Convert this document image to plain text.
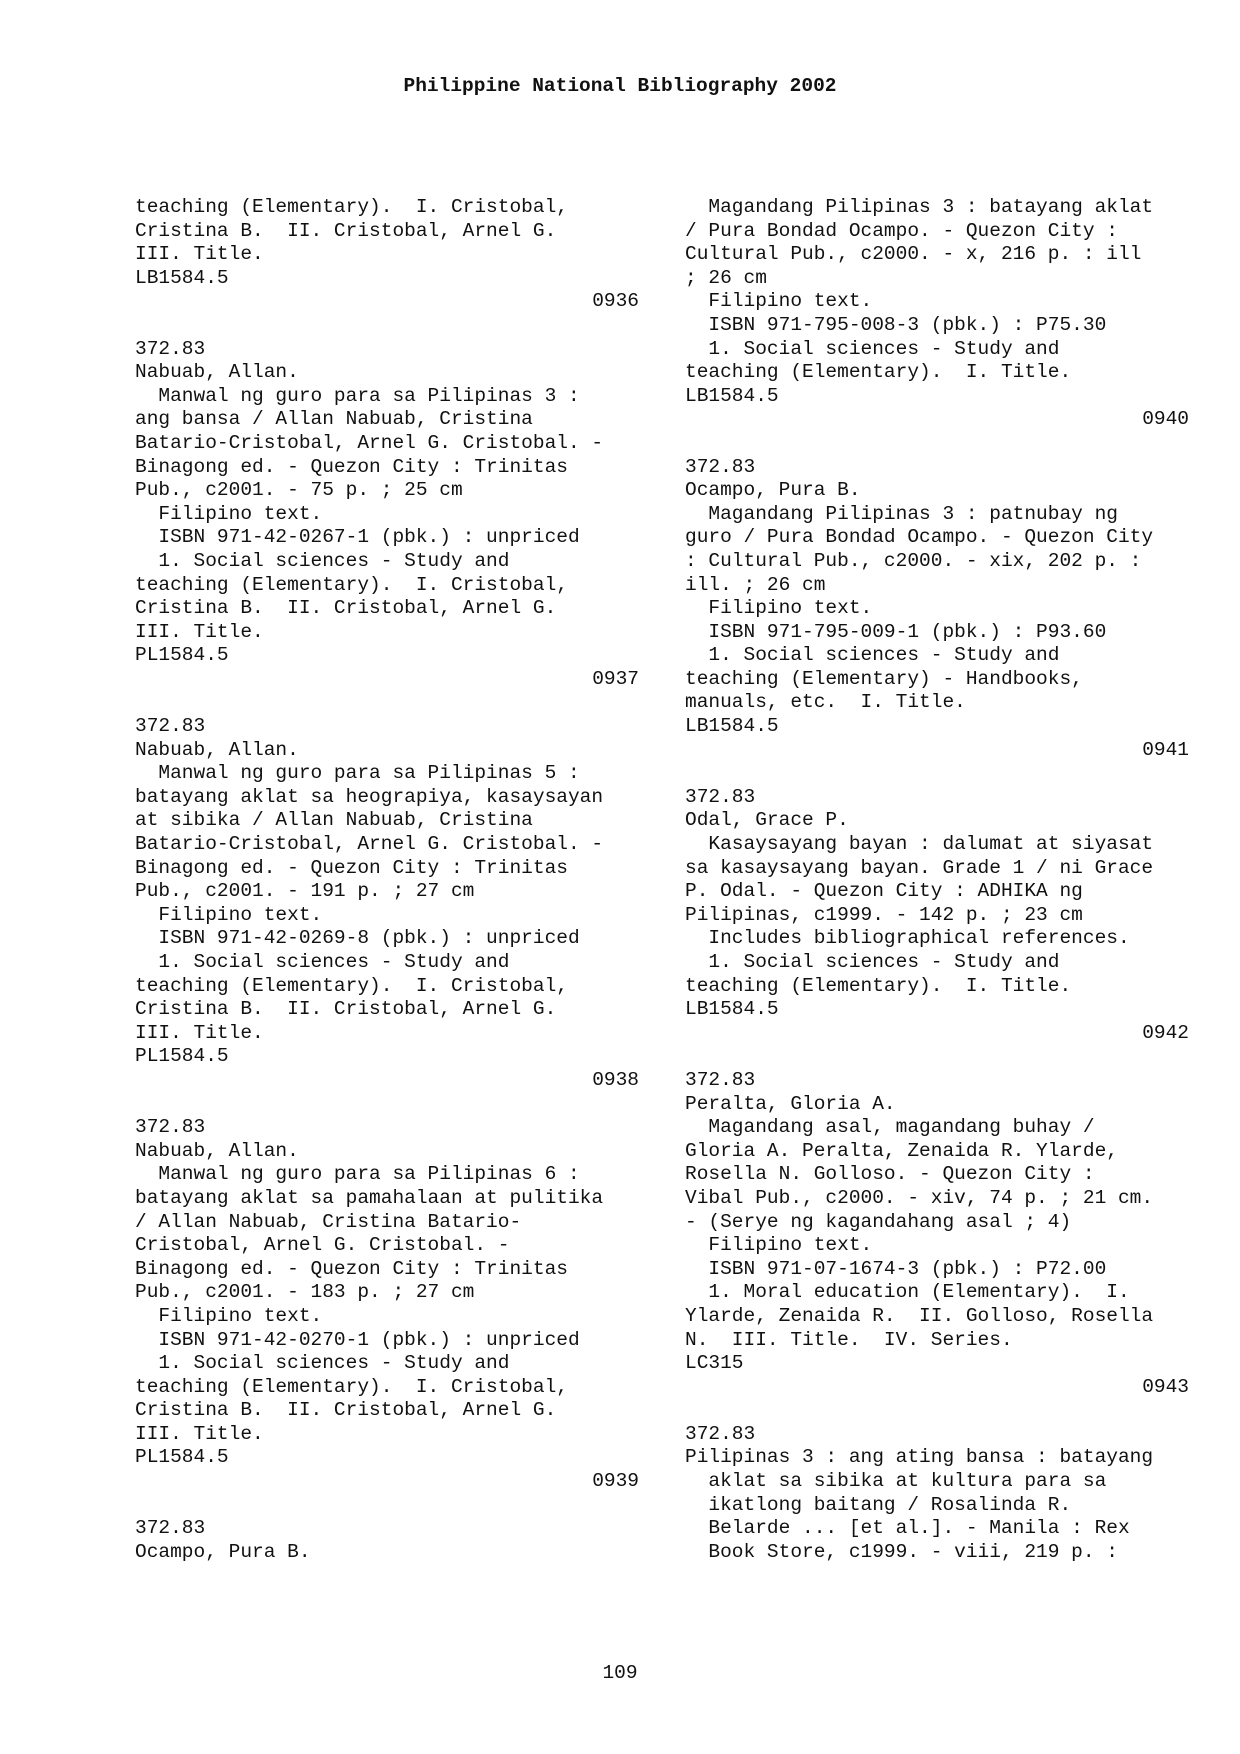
Philippine National Bibliography 2002
teaching (Elementary).  I. Cristobal,
Cristina B.  II. Cristobal, Arnel G.
III. Title.
LB1584.5
0936
372.83
Nabuab, Allan.
Manwal ng guro para sa Pilipinas 3 :
ang bansa / Allan Nabuab, Cristina
Batario-Cristobal, Arnel G. Cristobal. -
Binagong ed. - Quezon City : Trinitas
Pub., c2001. - 75 p. ; 25 cm
Filipino text.
ISBN 971-42-0267-1 (pbk.) : unpriced
1. Social sciences - Study and
teaching (Elementary).  I. Cristobal,
Cristina B.  II. Cristobal, Arnel G.
III. Title.
PL1584.5
0937
372.83
Nabuab, Allan.
Manwal ng guro para sa Pilipinas 5 :
batayang aklat sa heograpiya, kasaysayan
at sibika / Allan Nabuab, Cristina
Batario-Cristobal, Arnel G. Cristobal. -
Binagong ed. - Quezon City : Trinitas
Pub., c2001. - 191 p. ; 27 cm
Filipino text.
ISBN 971-42-0269-8 (pbk.) : unpriced
1. Social sciences - Study and
teaching (Elementary).  I. Cristobal,
Cristina B.  II. Cristobal, Arnel G.
III. Title.
PL1584.5
0938
372.83
Nabuab, Allan.
Manwal ng guro para sa Pilipinas 6 :
batayang aklat sa pamahalaan at pulitika
/ Allan Nabuab, Cristina Batario-
Cristobal, Arnel G. Cristobal. -
Binagong ed. - Quezon City : Trinitas
Pub., c2001. - 183 p. ; 27 cm
Filipino text.
ISBN 971-42-0270-1 (pbk.) : unpriced
1. Social sciences - Study and
teaching (Elementary).  I. Cristobal,
Cristina B.  II. Cristobal, Arnel G.
III. Title.
PL1584.5
0939
372.83
Ocampo, Pura B.
Magandang Pilipinas 3 : batayang aklat
/ Pura Bondad Ocampo. - Quezon City :
Cultural Pub., c2000. - x, 216 p. : ill
; 26 cm
Filipino text.
ISBN 971-795-008-3 (pbk.) : P75.30
1. Social sciences - Study and
teaching (Elementary).  I. Title.
LB1584.5
0940
372.83
Ocampo, Pura B.
Magandang Pilipinas 3 : patnubay ng
guro / Pura Bondad Ocampo. - Quezon City
: Cultural Pub., c2000. - xix, 202 p. :
ill. ; 26 cm
Filipino text.
ISBN 971-795-009-1 (pbk.) : P93.60
1. Social sciences - Study and
teaching (Elementary) - Handbooks,
manuals, etc.  I. Title.
LB1584.5
0941
372.83
Odal, Grace P.
Kasaysayang bayan : dalumat at siyasat
sa kasaysayang bayan. Grade 1 / ni Grace
P. Odal. - Quezon City : ADHIKA ng
Pilipinas, c1999. - 142 p. ; 23 cm
Includes bibliographical references.
1. Social sciences - Study and
teaching (Elementary).  I. Title.
LB1584.5
0942
372.83
Peralta, Gloria A.
Magandang asal, magandang buhay /
Gloria A. Peralta, Zenaida R. Ylarde,
Rosella N. Golloso. - Quezon City :
Vibal Pub., c2000. - xiv, 74 p. ; 21 cm.
- (Serye ng kagandahang asal ; 4)
Filipino text.
ISBN 971-07-1674-3 (pbk.) : P72.00
1. Moral education (Elementary).  I.
Ylarde, Zenaida R.  II. Golloso, Rosella
N.  III. Title.  IV. Series.
LC315
0943
372.83
Pilipinas 3 : ang ating bansa : batayang
aklat sa sibika at kultura para sa
ikatlong baitang / Rosalinda R.
Belarde ... [et al.]. - Manila : Rex
Book Store, c1999. - viii, 219 p. :
109
